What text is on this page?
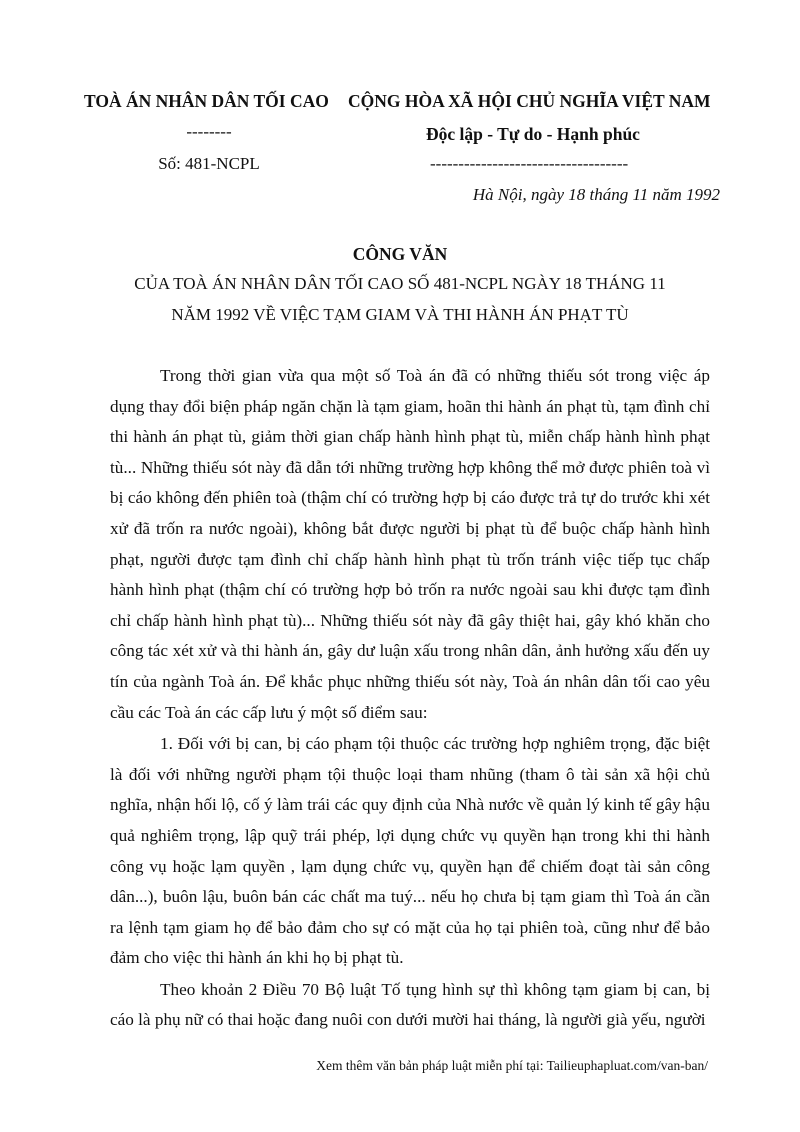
TOÀ ÁN NHÂN DÂN TỐI CAO
--------
Số: 481-NCPL
CỘNG HÒA XÃ HỘI CHỦ NGHĨA VIỆT NAM
Độc lập - Tự do - Hạnh phúc
-----------------------------------
Hà Nội, ngày 18 tháng 11 năm 1992
CÔNG VĂN
CỦA TOÀ ÁN NHÂN DÂN TỐI CAO SỐ 481-NCPL NGÀY 18 THÁNG 11
NĂM 1992 VỀ VIỆC TẠM GIAM VÀ THI HÀNH ÁN PHẠT TÙ

Trong thời gian vừa qua một số Toà án đã có những thiếu sót trong việc áp dụng thay đổi biện pháp ngăn chặn là tạm giam, hoãn thi hành án phạt tù, tạm đình chỉ thi hành án phạt tù, giảm thời gian chấp hành hình phạt tù, miễn chấp hành hình phạt tù... Những thiếu sót này đã dẫn tới những trường hợp không thể mở được phiên toà vì bị cáo không đến phiên toà (thậm chí có trường hợp bị cáo được trả tự do trước khi xét xử đã trốn ra nước ngoài), không bắt được người bị phạt tù để buộc chấp hành hình phạt, người được tạm đình chỉ chấp hành hình phạt tù trốn tránh việc tiếp tục chấp hành hình phạt (thậm chí có trường hợp bỏ trốn ra nước ngoài sau khi được tạm đình chỉ chấp hành hình phạt tù)... Những thiếu sót này đã gây thiệt hai, gây khó khăn cho công tác xét xử và thi hành án, gây dư luận xấu trong nhân dân, ảnh hưởng xấu đến uy tín của ngành Toà án. Để khắc phục những thiếu sót này, Toà án nhân dân tối cao yêu cầu các Toà án các cấp lưu ý một số điểm sau:

1. Đối với bị can, bị cáo phạm tội thuộc các trường hợp nghiêm trọng, đặc biệt là đối với những người phạm tội thuộc loại tham nhũng (tham ô tài sản xã hội chủ nghĩa, nhận hối lộ, cố ý làm trái các quy định của Nhà nước về quản lý kinh tế gây hậu quả nghiêm trọng, lập quỹ trái phép, lợi dụng chức vụ quyền hạn trong khi thi hành công vụ hoặc lạm quyền , lạm dụng chức vụ, quyền hạn để chiếm đoạt tài sản công dân...), buôn lậu, buôn bán các chất ma tuý... nếu họ chưa bị tạm giam thì Toà án cần ra lệnh tạm giam họ để bảo đảm cho sự có mặt của họ tại phiên toà, cũng như để bảo đảm cho việc thi hành án khi họ bị phạt tù.

Theo khoản 2 Điều 70 Bộ luật Tố tụng hình sự thì không tạm giam bị can, bị cáo là phụ nữ có thai hoặc đang nuôi con dưới mười hai tháng, là người già yếu, người

Xem thêm văn bản pháp luật miễn phí tại: Tailieuphapluat.com/van-ban/
